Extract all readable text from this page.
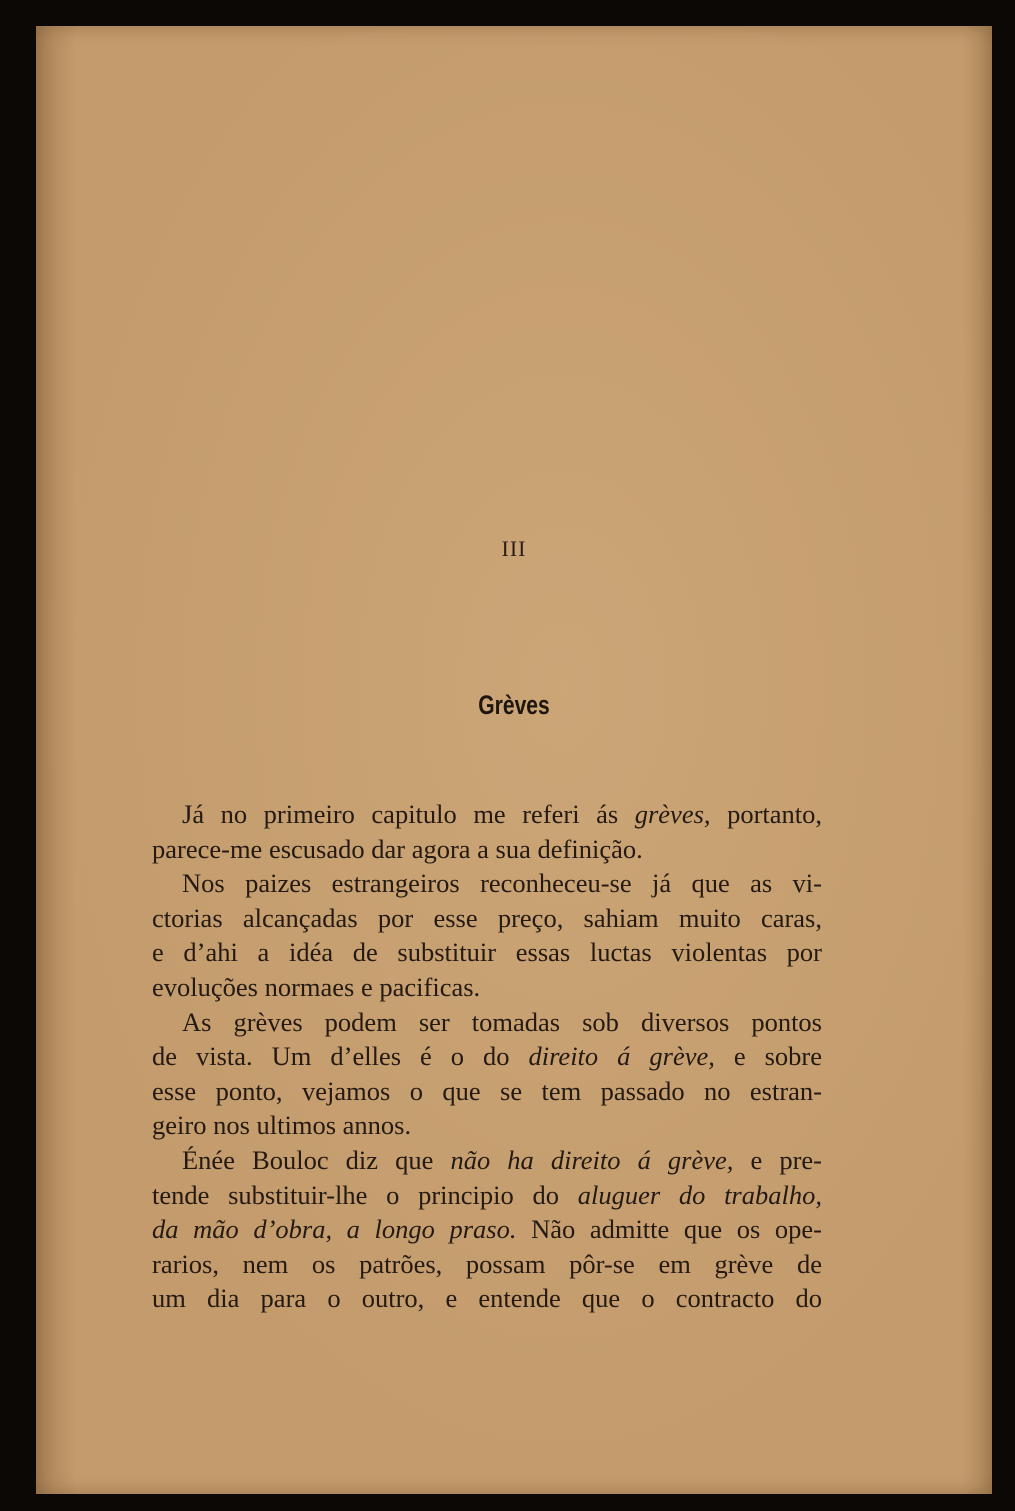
III
Grèves
Já no primeiro capitulo me referi ás grèves, portanto,
parece-me escusado dar agora a sua definição.
Nos paizes estrangeiros reconheceu-se já que as vi-
ctorias alcançadas por esse preço, sahiam muito caras,
e d’ahi a idéa de substituir essas luctas violentas por
evoluções normaes e pacificas.
As grèves podem ser tomadas sob diversos pontos
de vista. Um d’elles é o do direito á grève, e sobre
esse ponto, vejamos o que se tem passado no estran-
geiro nos ultimos annos.
Énée Bouloc diz que não ha direito á grève, e pre-
tende substituir-lhe o principio do aluguer do trabalho,
da mão d’obra, a longo praso. Não admitte que os ope-
rarios, nem os patrões, possam pôr-se em grève de
um dia para o outro, e entende que o contracto do
